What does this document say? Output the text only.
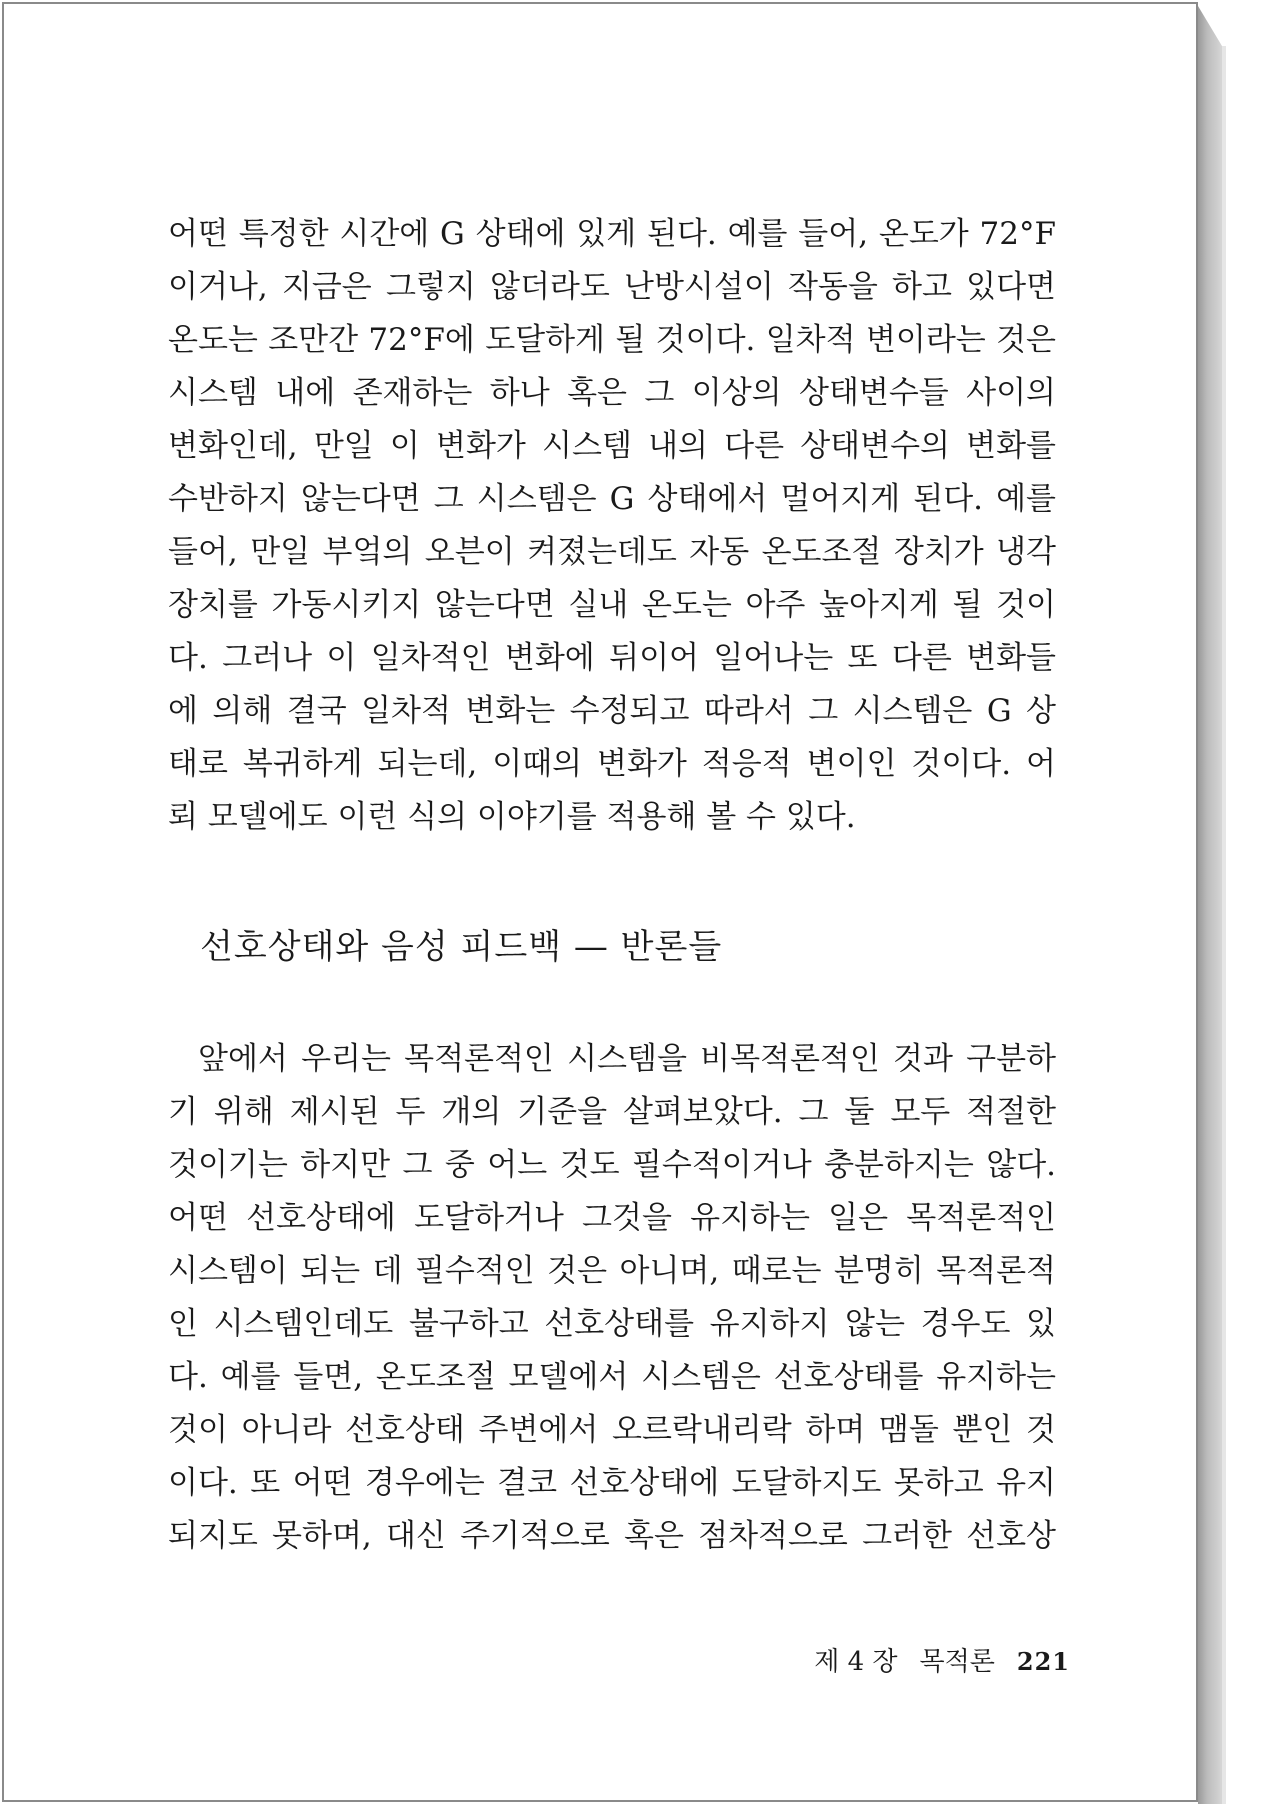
어떤 특정한 시간에 G 상태에 있게 된다. 예를 들어, 온도가 72°F
이거나, 지금은 그렇지 않더라도 난방시설이 작동을 하고 있다면
온도는 조만간 72°F에 도달하게 될 것이다. 일차적 변이라는 것은
시스템 내에 존재하는 하나 혹은 그 이상의 상태변수들 사이의
변화인데, 만일 이 변화가 시스템 내의 다른 상태변수의 변화를
수반하지 않는다면 그 시스템은 G 상태에서 멀어지게 된다. 예를
들어, 만일 부엌의 오븐이 켜졌는데도 자동 온도조절 장치가 냉각
장치를 가동시키지 않는다면 실내 온도는 아주 높아지게 될 것이
다. 그러나 이 일차적인 변화에 뒤이어 일어나는 또 다른 변화들
에 의해 결국 일차적 변화는 수정되고 따라서 그 시스템은 G 상
태로 복귀하게 되는데, 이때의 변화가 적응적 변이인 것이다. 어
뢰 모델에도 이런 식의 이야기를 적용해 볼 수 있다.
선호상태와 음성 피드백 — 반론들
앞에서 우리는 목적론적인 시스템을 비목적론적인 것과 구분하
기 위해 제시된 두 개의 기준을 살펴보았다. 그 둘 모두 적절한
것이기는 하지만 그 중 어느 것도 필수적이거나 충분하지는 않다.
어떤 선호상태에 도달하거나 그것을 유지하는 일은 목적론적인
시스템이 되는 데 필수적인 것은 아니며, 때로는 분명히 목적론적
인 시스템인데도 불구하고 선호상태를 유지하지 않는 경우도 있
다. 예를 들면, 온도조절 모델에서 시스템은 선호상태를 유지하는
것이 아니라 선호상태 주변에서 오르락내리락 하며 맴돌 뿐인 것
이다. 또 어떤 경우에는 결코 선호상태에 도달하지도 못하고 유지
되지도 못하며, 대신 주기적으로 혹은 점차적으로 그러한 선호상
제 4 장 목적론 221
